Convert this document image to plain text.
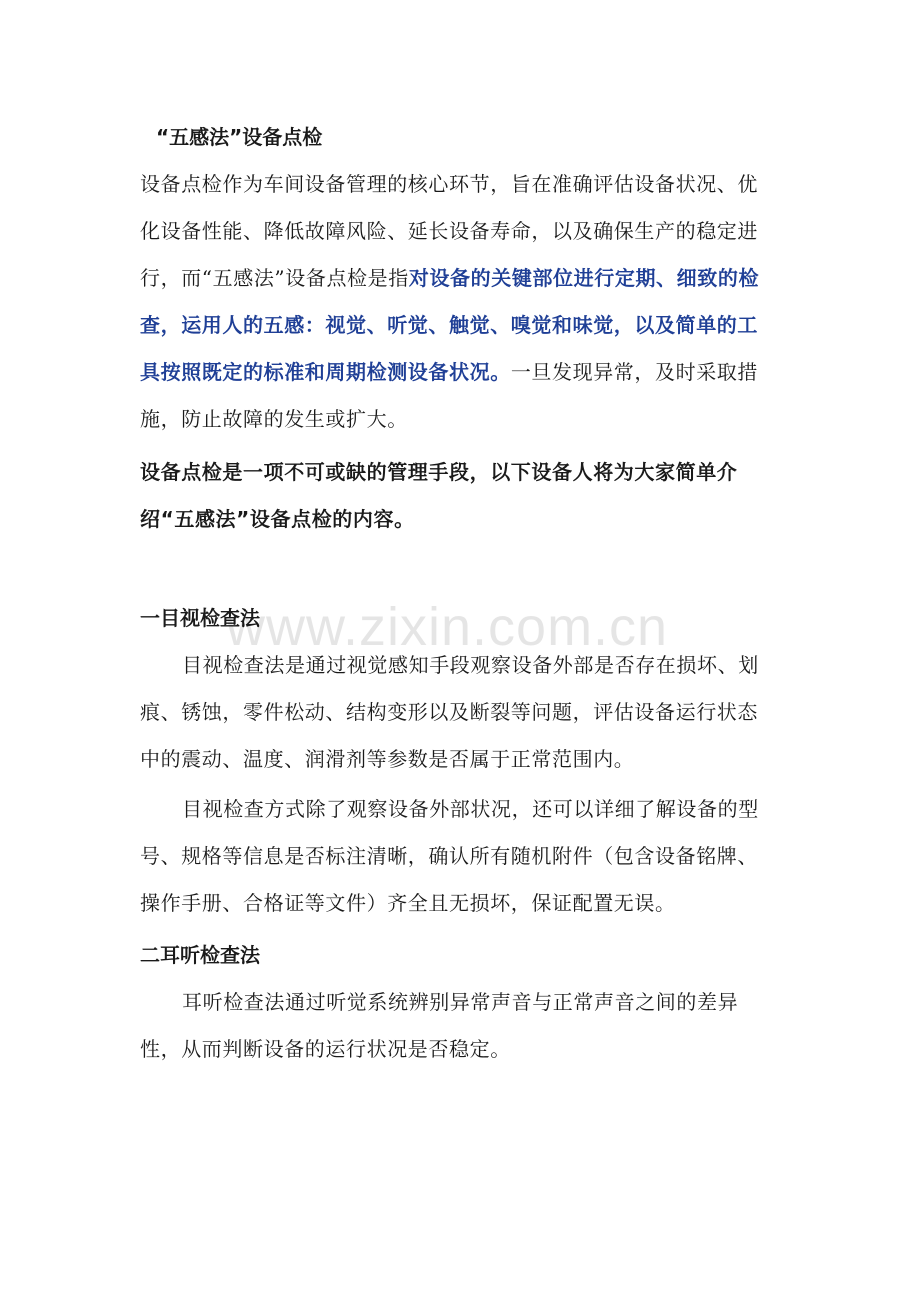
“五感法”设备点检

设备点检作为车间设备管理的核心环节，旨在准确评估设备状况、优化设备性能、降低故障风险、延长设备寿命，以及确保生产的稳定进行，而“五感法”设备点检是指对设备的关键部位进行定期、细致的检查，运用人的五感：视觉、听觉、触觉、嗅觉和味觉，以及简单的工具按照既定的标准和周期检测设备状况。一旦发现异常，及时采取措施，防止故障的发生或扩大。

设备点检是一项不可或缺的管理手段，以下设备人将为大家简单介绍“五感法”设备点检的内容。

一目视检查法

目视检查法是通过视觉感知手段观察设备外部是否存在损坏、划痕、锈蚀，零件松动、结构变形以及断裂等问题，评估设备运行状态中的震动、温度、润滑剂等参数是否属于正常范围内。

目视检查方式除了观察设备外部状况，还可以详细了解设备的型号、规格等信息是否标注清晰，确认所有随机附件（包含设备铭牌、操作手册、合格证等文件）齐全且无损坏，保证配置无误。

二耳听检查法

耳听检查法通过听觉系统辨别异常声音与正常声音之间的差异性，从而判断设备的运行状况是否稳定。

www.zixin.com.cn
